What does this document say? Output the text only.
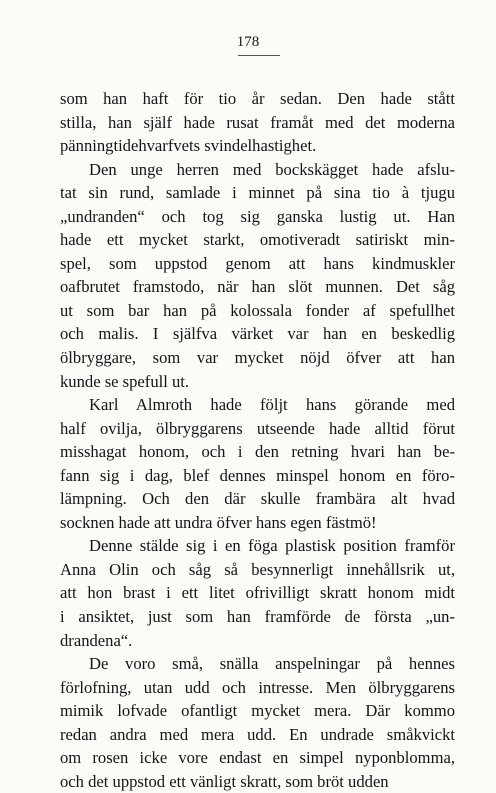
178
som han haft för tio år sedan. Den hade stått
stilla, han själf hade rusat framåt med det moderna
pänningtidehvarfvets svindelhastighet.
Den unge herren med bockskägget hade afslu-
tat sin rund, samlade i minnet på sina tio à tjugu
„undranden“ och tog sig ganska lustig ut. Han
hade ett mycket starkt, omotiveradt satiriskt min-
spel, som uppstod genom att hans kindmuskler
oafbrutet framstodo, när han slöt munnen. Det såg
ut som bar han på kolossala fonder af spefullhet
och malis. I själfva värket var han en beskedlig
ölbryggare, som var mycket nöjd öfver att han
kunde se spefull ut.
Karl Almroth hade följt hans görande med
half ovilja, ölbryggarens utseende hade alltid förut
misshagat honom, och i den retning hvari han be-
fann sig i dag, blef dennes minspel honom en föro-
lämpning. Och den där skulle frambära alt hvad
socknen hade att undra öfver hans egen fästmö!
Denne stälde sig i en föga plastisk position framför
Anna Olin och såg så besynnerligt innehållsrik ut,
att hon brast i ett litet ofrivilligt skratt honom midt
i ansiktet, just som han framförde de första „un-
drandena“.
De voro små, snälla anspelningar på hennes
förlofning, utan udd och intresse. Men ölbryggarens
mimik lofvade ofantligt mycket mera. Där kommo
redan andra med mera udd. En undrade småkvickt
om rosen icke vore endast en simpel nyponblomma,
och det uppstod ett vänligt skratt, som bröt udden
